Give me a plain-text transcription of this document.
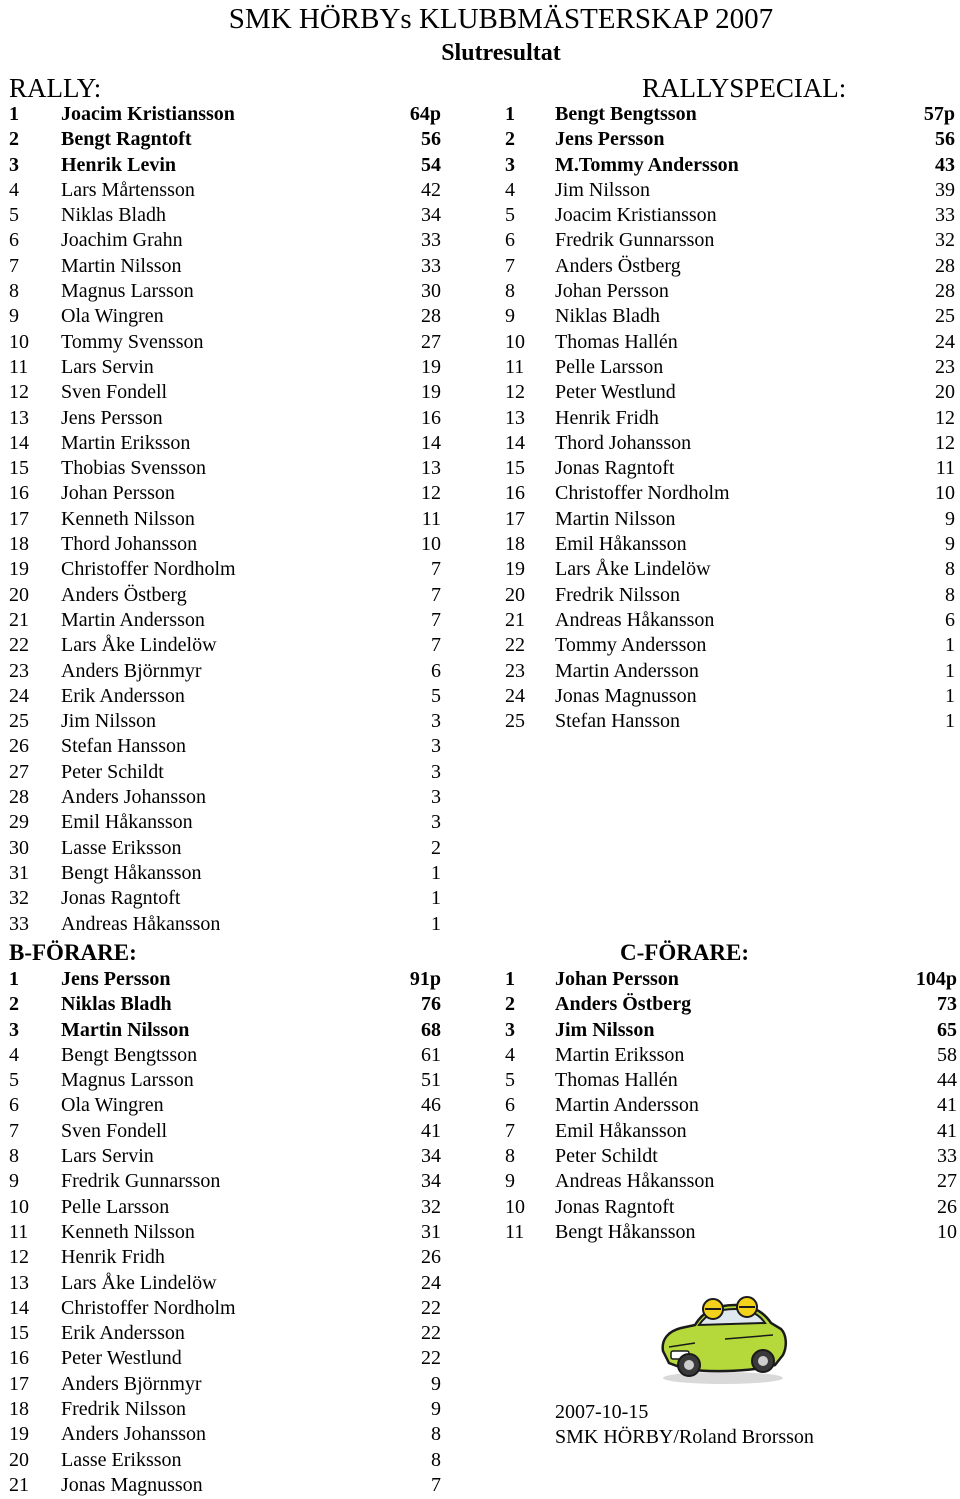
SMK HÖRBYs KLUBBMÄSTERSKAP 2007
Slutresultat
RALLY:	RALLYSPECIAL:
1 Joacim Kristiansson	64p
2 Bengt Ragntoft	56
3 Henrik Levin	54
4 Lars Mårtensson	42
5 Niklas Bladh	34
6 Joachim Grahn	33
7 Martin Nilsson	33
8 Magnus Larsson	30
9 Ola Wingren	28
10 Tommy Svensson	27
11 Lars Servin	19
12 Sven Fondell	19
13 Jens Persson	16
14 Martin Eriksson	14
15 Thobias Svensson	13
16 Johan Persson	12
17 Kenneth Nilsson	11
18 Thord Johansson	10
19 Christoffer Nordholm	7
20 Anders Östberg	7
21 Martin Andersson	7
22 Lars Åke Lindelöw	7
23 Anders Björnmyr	6
24 Erik Andersson	5
25 Jim Nilsson	3
26 Stefan Hansson	3
27 Peter Schildt	3
28 Anders Johansson	3
29 Emil Håkansson	3
30 Lasse Eriksson	2
31 Bengt Håkansson	1
32 Jonas Ragntoft	1
33 Andreas Håkansson	1
1 Bengt Bengtsson	57p
2 Jens Persson	56
3 M.Tommy Andersson	43
4 Jim Nilsson	39
5 Joacim Kristiansson	33
6 Fredrik Gunnarsson	32
7 Anders Östberg	28
8 Johan Persson	28
9 Niklas Bladh	25
10 Thomas Hallén	24
11 Pelle Larsson	23
12 Peter Westlund	20
13 Henrik Fridh	12
14 Thord Johansson	12
15 Jonas Ragntoft	11
16 Christoffer Nordholm	10
17 Martin Nilsson	9
18 Emil Håkansson	9
19 Lars Åke Lindelöw	8
20 Fredrik Nilsson	8
21 Andreas Håkansson	6
22 Tommy Andersson	1
23 Martin Andersson	1
24 Jonas Magnusson	1
25 Stefan Hansson	1
B-FÖRARE:	C-FÖRARE:
1 Jens Persson	91p
2 Niklas Bladh	76
3 Martin Nilsson	68
4 Bengt Bengtsson	61
5 Magnus Larsson	51
6 Ola Wingren	46
7 Sven Fondell	41
8 Lars Servin	34
9 Fredrik Gunnarsson	34
10 Pelle Larsson	32
11 Kenneth Nilsson	31
12 Henrik Fridh	26
13 Lars Åke Lindelöw	24
14 Christoffer Nordholm	22
15 Erik Andersson	22
16 Peter Westlund	22
17 Anders Björnmyr	9
18 Fredrik Nilsson	9
19 Anders Johansson	8
20 Lasse Eriksson	8
21 Jonas Magnusson	7
1 Johan Persson	104p
2 Anders Östberg	73
3 Jim Nilsson	65
4 Martin Eriksson	58
5 Thomas Hallén	44
6 Martin Andersson	41
7 Emil Håkansson	41
8 Peter Schildt	33
9 Andreas Håkansson	27
10 Jonas Ragntoft	26
11 Bengt Håkansson	10
2007-10-15
SMK HÖRBY/Roland Brorsson
